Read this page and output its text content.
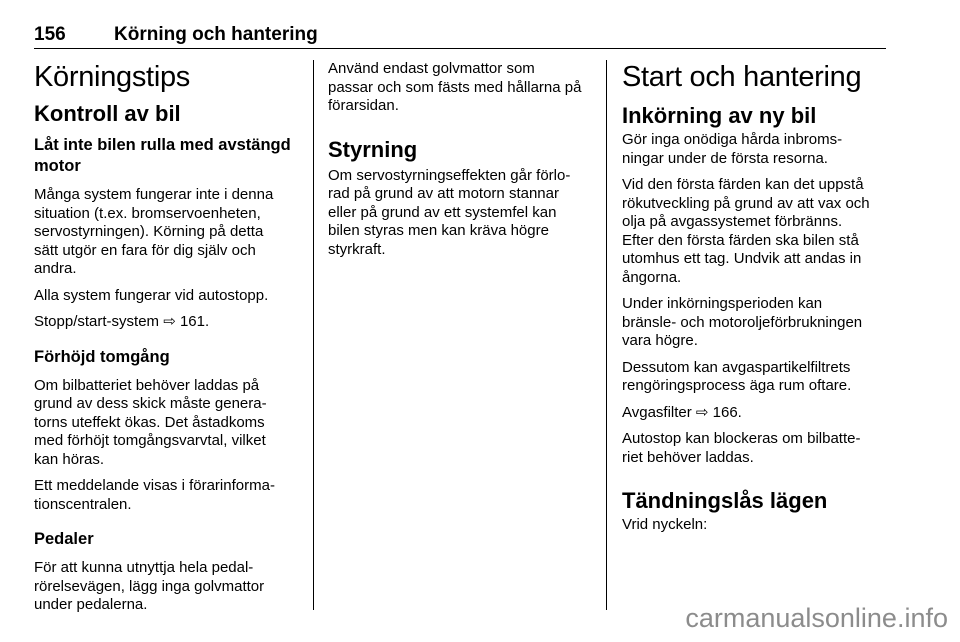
156	Körning och hantering
Körningstips
Kontroll av bil
Låt inte bilen rulla med avstängd
motor
Många system fungerar inte i denna
situation (t.ex. bromservoenheten,
servostyrningen). Körning på detta
sätt utgör en fara för dig själv och
andra.
Alla system fungerar vid autostopp.
Stopp/start-system ⇨ 161.
Förhöjd tomgång
Om bilbatteriet behöver laddas på
grund av dess skick måste genera-
torns uteffekt ökas. Det åstadkoms
med förhöjt tomgångsvarvtal, vilket
kan höras.
Ett meddelande visas i förarinforma-
tionscentralen.
Pedaler
För att kunna utnyttja hela pedal-
rörelsevägen, lägg inga golvmattor
under pedalerna.
Använd endast golvmattor som
passar och som fästs med hållarna på
förarsidan.
Styrning
Om servostyrningseffekten går förlo-
rad på grund av att motorn stannar
eller på grund av ett systemfel kan
bilen styras men kan kräva högre
styrkraft.
Start och hantering
Inkörning av ny bil
Gör inga onödiga hårda inbroms-
ningar under de första resorna.
Vid den första färden kan det uppstå
rökutveckling på grund av att vax och
olja på avgassystemet förbränns.
Efter den första färden ska bilen stå
utomhus ett tag. Undvik att andas in
ångorna.
Under inkörningsperioden kan
bränsle- och motoroljeförbrukningen
vara högre.
Dessutom kan avgaspartikelfiltrets
rengöringsprocess äga rum oftare.
Avgasfilter ⇨ 166.
Autostop kan blockeras om bilbatte-
riet behöver laddas.
Tändningslås lägen
Vrid nyckeln:
carmanualsonline.info
